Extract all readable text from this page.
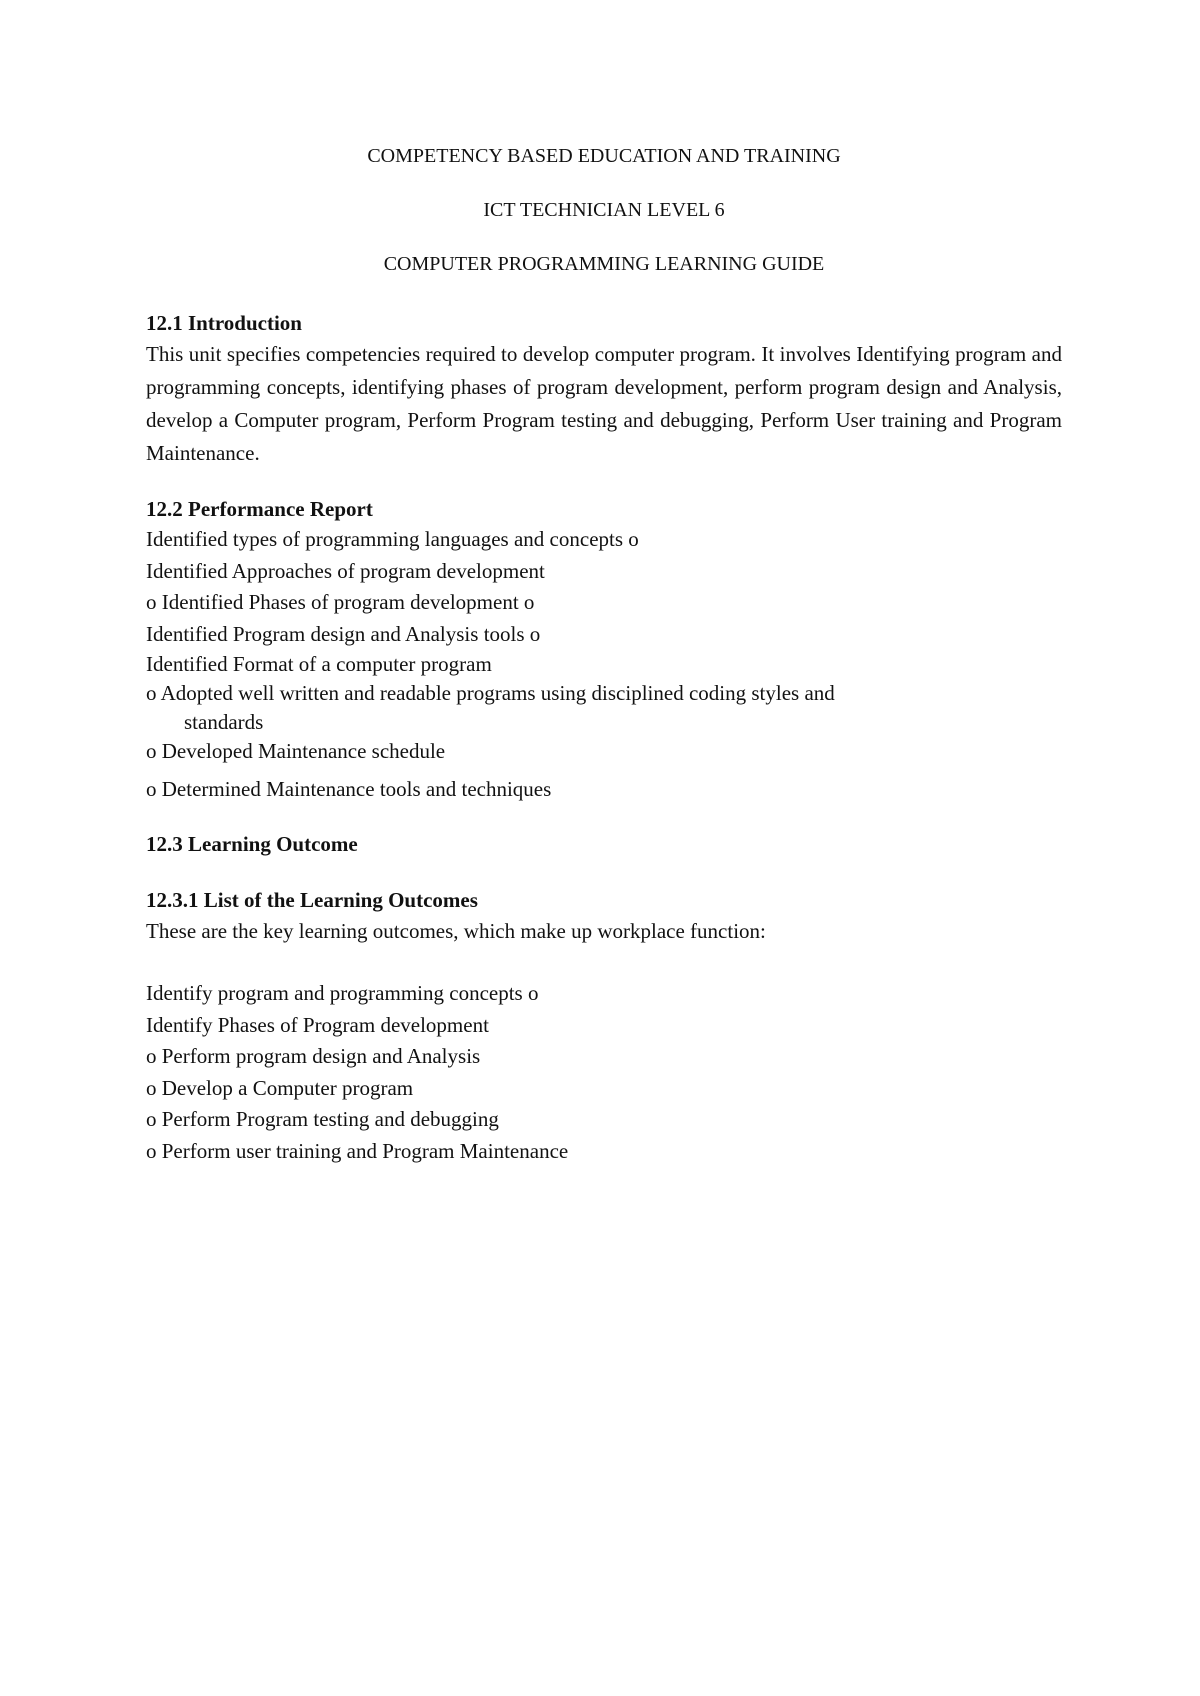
COMPETENCY BASED EDUCATION AND TRAINING

ICT TECHNICIAN LEVEL 6

COMPUTER PROGRAMMING LEARNING GUIDE

12.1 Introduction

This unit specifies competencies required to develop computer program. It involves Identifying program and programming concepts, identifying phases of program development, perform program design and Analysis, develop a Computer program, Perform Program testing and debugging, Perform User training and Program Maintenance.

12.2 Performance Report
Identified types of programming languages and concepts o
Identified Approaches of program development
o Identified Phases of program development o
Identified Program design and Analysis tools o
Identified Format of a computer program
o Adopted well written and readable programs using disciplined coding styles and
standards
o Developed Maintenance schedule
o Determined Maintenance tools and techniques
12.3 Learning Outcome
12.3.1 List of the Learning Outcomes

These are the key learning outcomes, which make up workplace function:

Identify program and programming concepts o
Identify Phases of Program development
o Perform program design and Analysis
o Develop a Computer program
o Perform Program testing and debugging
o Perform user training and Program Maintenance
